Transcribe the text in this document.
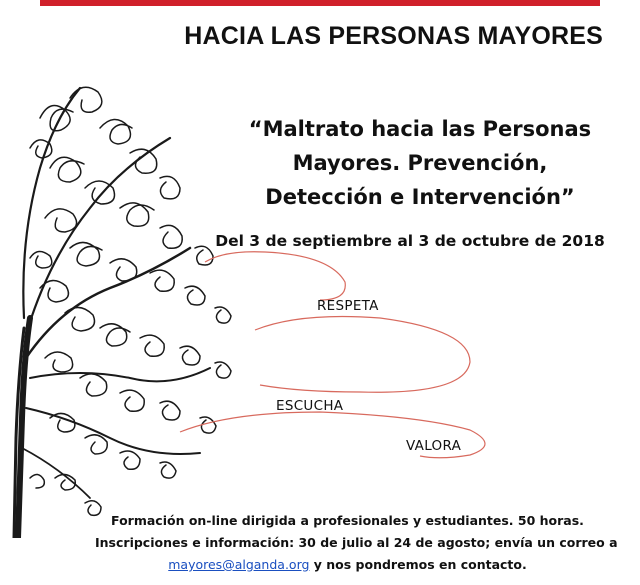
HACIA LAS PERSONAS MAYORES
“Maltrato hacia las Personas
Mayores. Prevención,
Detección e Intervención”
Del 3 de septiembre al 3 de octubre de 2018
RESPETA
ESCUCHA
VALORA
Formación on-line dirigida a profesionales y estudiantes. 50 horas.
Inscripciones e información: 30 de julio al 24 de agosto; envía un correo a
mayores@alganda.org y nos pondremos en contacto.
